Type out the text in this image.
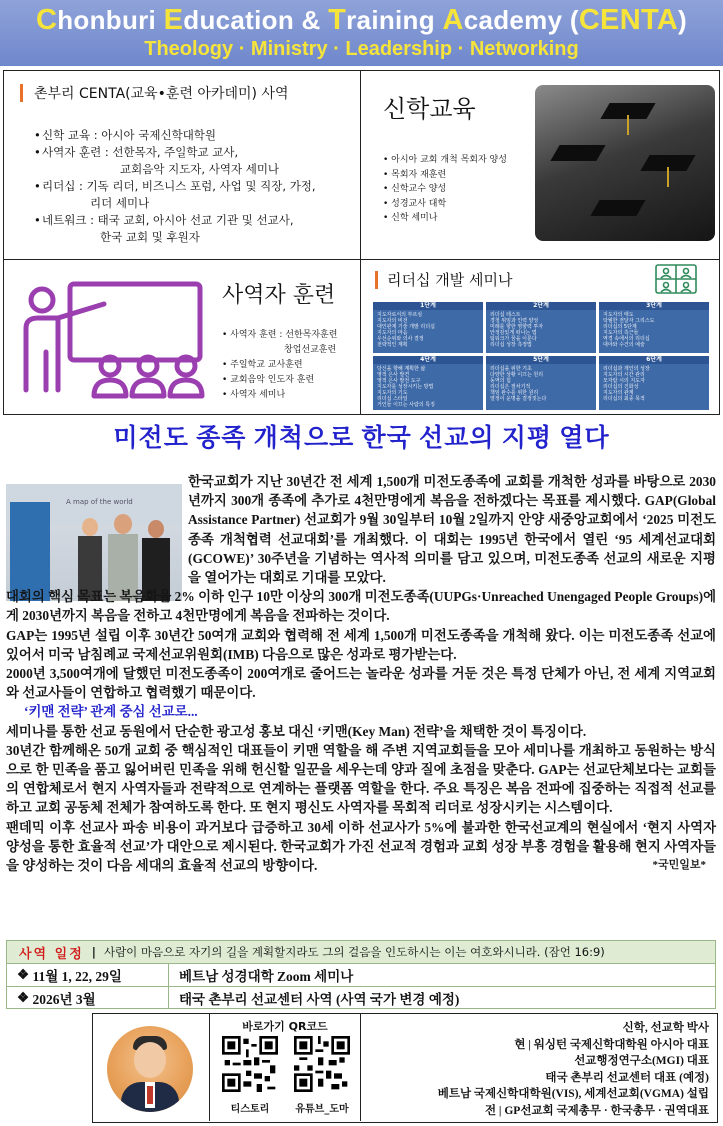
Chonburi Education & Training Academy (CENTA)
Theology · Ministry · Leadership · Networking
촌부리 CENTA(교육•훈련 아카데미) 사역
• 신학 교육 : 아시아 국제신학대학원
• 사역자 훈련 : 선한목자, 주일학교 교사,
교회음악 지도자, 사역자 세미나
• 리더십 : 기독 리더, 비즈니스 포럼, 사업 및 직장, 가정,
리더 세미나
• 네트워크 : 태국 교회, 아시아 선교 기관 및 선교사,
한국 교회 및 후원자
신학교육
• 아시아 교회 개척 목회자 양성
• 목회자 재훈련
• 신학교수 양성
• 성경교사 대학
• 신학 세미나
사역자 훈련
• 사역자 훈련 : 선한목자훈련
창업선교훈련
• 주일학교 교사훈련
• 교회음악 인도자 훈련
• 사역자 세미나
리더십 개발 세미나
1단계
지도자로서의 부르심
지도자의 비전
대인관계 기술 개발 리더십
지도자의 마음
우선순위와 의사 결정
전략적인 계획
2단계
리더십 테스트
경청 위임과 인력 양성
미래를 향한 영향력 투자
안정감있게 떠나는 법
팀워크가 꿈을 이룬다
리더십 성장 측정법
3단계
지도자의 태도
탁월한 전달자 그리스도
리더십의 5단계
지도자의 측근들
역경 속에서의 리더십
대야와 수건의 예술
4단계
당신을 향해 계획한 삶
영적 은사 발견
영적 은사 발전 도구
지도자를 성장시키는 방법
지도자의 기도
리더십 스타일
거인들 이끄는 사람의 특징
5단계
리더십을 위한 기초
다양한 상황 이끄는 원리
동역의 힘
리더십은 절차기적
책임 완수를 위한 원리
열정이 운명을 결정짓는다
6단계
리더십과 개인의 성장
지도자의 시간 관리
모자람 시의 지도자
리더십의 진화성
지도자의 관계
리더십의 최종 목적
미전도 종족 개척으로 한국 선교의 지평 열다
A map of the world

한국교회가 지난 30년간 전 세계 1,500개 미전도종족에 교회를 개척한 성과를 바탕으로 2030년까지 300개 종족에 추가로 4천만명에게 복음을 전하겠다는 목표를 제시했다. GAP(Global Assistance Partner) 선교회가 9월 30일부터 10월 2일까지 안양 새중앙교회에서 ‘2025 미전도종족 개척협력 선교대회’를 개최했다. 이 대회는 1995년 한국에서 열린 ‘95 세계선교대회(GCOWE)’ 30주년을 기념하는 역사적 의미를 담고 있으며, 미전도종족 선교의 새로운 지평을 열어가는 대회로 기대를 모았다.

대회의 핵심 목표는 복음화율 2% 이하 인구 10만 이상의 300개 미전도종족(UUPGs·Unreached Unengaged People Groups)에게 2030년까지 복음을 전하고 4천만명에게 복음을 전파하는 것이다.

GAP는 1995년 설립 이후 30년간 50여개 교회와 협력해 전 세계 1,500개 미전도종족을 개척해 왔다. 이는 미전도종족 선교에 있어서 미국 남침례교 국제선교위원회(IMB) 다음으로 많은 성과로 평가받는다.

2000년 3,500여개에 달했던 미전도종족이 200여개로 줄어드는 놀라운 성과를 거둔 것은 특정 단체가 아닌, 전 세계 지역교회와 선교사들이 연합하고 협력했기 때문이다.

‘키맨 전략’ 관계 중심 선교로...

세미나를 통한 선교 동원에서 단순한 광고성 홍보 대신 ‘키맨(Key Man) 전략’을 채택한 것이 특징이다.

30년간 함께해온 50개 교회 중 핵심적인 대표들이 키맨 역할을 해 주변 지역교회들을 모아 세미나를 개최하고 동원하는 방식으로 한 민족을 품고 잃어버린 민족을 위해 헌신할 일꾼을 세우는데 양과 질에 초점을 맞춘다. GAP는 선교단체보다는 교회들의 연합체로서 현지 사역자들과 전략적으로 연계하는 플랫폼 역할을 한다. 주요 특징은 복음 전파에 집중하는 직접적 선교를 하고 교회 공동체 전체가 참여하도록 한다. 또 현지 평신도 사역자를 목회적 리더로 성장시키는 시스템이다.

팬데믹 이후 선교사 파송 비용이 과거보다 급증하고 30세 이하 선교사가 5%에 불과한 한국선교계의 현실에서 ‘현지 사역자 양성을 통한 효율적 선교’가 대안으로 제시된다. 한국교회가 가진 선교적 경험과 교회 성장 부흥 경험을 활용해 현지 사역자들을 양성하는 것이 다음 세대의 효율적 선교의 방향이다.	*국민일보*

사역 일정 | 사람이 마음으로 자기의 길을 계획할지라도 그의 걸음을 인도하시는 이는 여호와시니라. (잠언 16:9)
❖ 11월 1, 22, 29일	베트남 성경대학 Zoom 세미나
❖ 2026년 3월	태국 촌부리 선교센터 사역 (사역 국가 변경 예정)
바로가기 QR코드
티스토리	유튜브_도마
신학, 선교학 박사
현 | 워싱턴 국제신학대학원 아시아 대표
선교행정연구소(MGI) 대표
태국 촌부리 선교센터 대표 (예정)
베트남 국제신학대학원(VIS), 세계선교회(VGMA) 설립
전 | GP선교회 국제총무 · 한국총무 · 권역대표
